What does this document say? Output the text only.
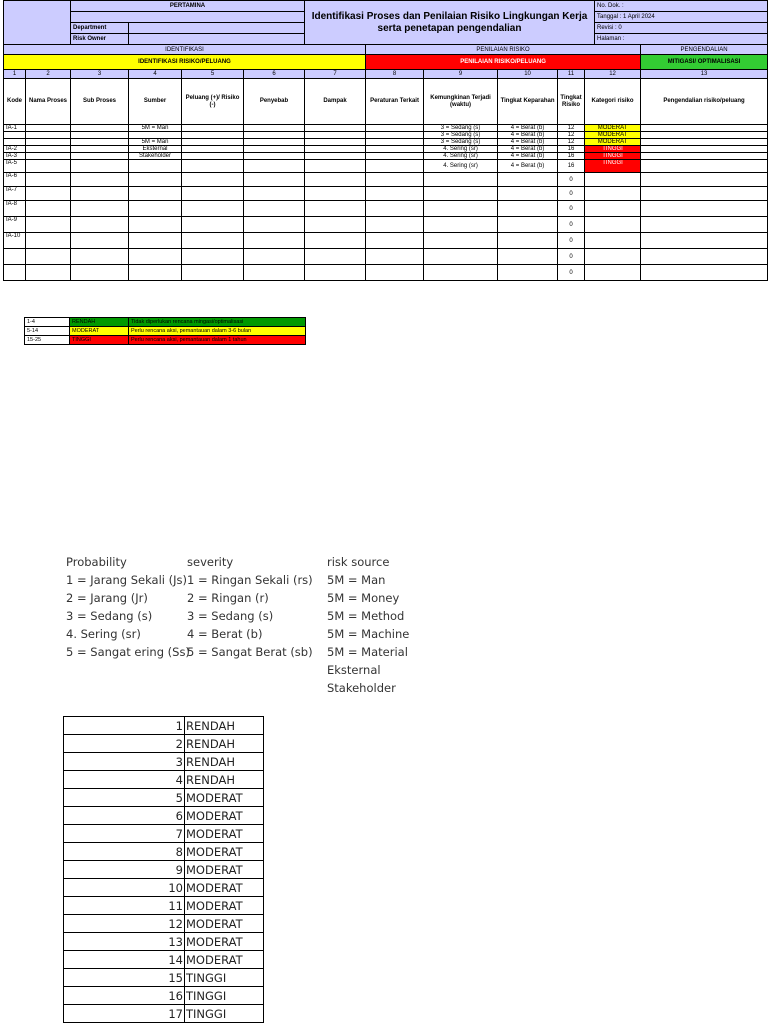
	PERTAMINA		Identifikasi Proses dan Penilaian Risiko Lingkungan Kerja serta penetapan pengendalian	No. Dok. :
				Tanggal : 1 April 2024
	Department			Revisi : 0
	Risk Owner			Halaman :
IDENTIFIKASI							PENILAIAN RISIKO					PENGENDALIAN
IDENTIFIKASI RISIKO/PELUANG							PENILAIAN RISIKO/PELUANG					MITIGASI/ OPTIMALISASI
1	2	3	4	5	6	7	8	9	10	11	12	13
Kode	Nama Proses	Sub Proses	Sumber	Peluang (+)/ Risiko (-)	Penyebab	Dampak	Peraturan Terkait	Kemungkinan Terjadi (waktu)	Tingkat Keparahan	Tingkat Risiko	Kategori risiko	Pengendalian risiko/peluang
IA-1			5M = Man					3 = Sedang (s)	4 = Berat (b)	12	MODERAT	
								3 = Sedang (s)	4 = Berat (b)	12	MODERAT	
			5M = Man					3 = Sedang (s)	4 = Berat (b)	12	MODERAT	
IA-2			Eksternal					4. Sering (sr)	4 = Berat (b)	16	TINGGI	
IA-3			Stakeholder					4. Sering (sr)	4 = Berat (b)	16	TINGGI	
IA-5								4. Sering (sr)	4 = Berat (b)	16	TINGGI	
IA-6										0		
IA-7										0		
IA-8										0		
IA-9										0		
IA-10										0		
										0		
										0		
1-4	RENDAH	Tidak diperlukan rencana mingasi/optimalisasi
5-14	MODERAT	Perlu rencana aksi, pemantauan dalam 3-6 bulan
15-25	TINGGI	Perlu rencana aksi, pemantauan dalam 1 tahun
Probability
1 = Jarang Sekali (Js)
2 = Jarang (Jr)
3 = Sedang (s)
4. Sering (sr)
5 = Sangat ering (Ss)
severity
1 = Ringan Sekali (rs)
2 = Ringan (r)
3 = Sedang (s)
4 = Berat (b)
5 = Sangat Berat (sb)
risk source
5M = Man
5M = Money
5M = Method
5M = Machine
5M = Material
Eksternal
Stakeholder
1	RENDAH
2	RENDAH
3	RENDAH
4	RENDAH
5	MODERAT
6	MODERAT
7	MODERAT
8	MODERAT
9	MODERAT
10	MODERAT
11	MODERAT
12	MODERAT
13	MODERAT
14	MODERAT
15	TINGGI
16	TINGGI
17	TINGGI
